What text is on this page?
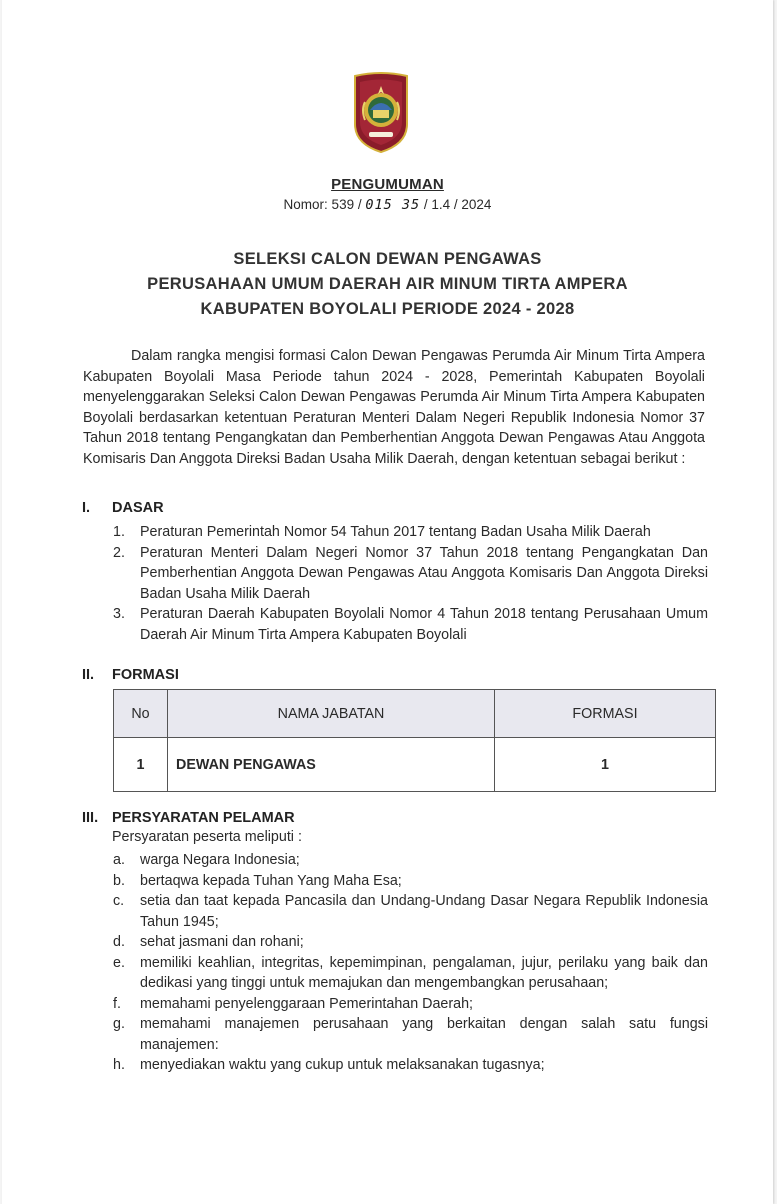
PENGUMUMAN
Nomor: 539 / 015 35 / 1.4 / 2024
SELEKSI CALON DEWAN PENGAWAS
PERUSAHAAN UMUM DAERAH AIR MINUM TIRTA AMPERA
KABUPATEN BOYOLALI PERIODE 2024 - 2028
Dalam rangka mengisi formasi Calon Dewan Pengawas Perumda Air Minum Tirta Ampera Kabupaten Boyolali Masa Periode tahun 2024 - 2028, Pemerintah Kabupaten Boyolali menyelenggarakan Seleksi Calon Dewan Pengawas Perumda Air Minum Tirta Ampera Kabupaten Boyolali berdasarkan ketentuan Peraturan Menteri Dalam Negeri Republik Indonesia Nomor 37 Tahun 2018 tentang Pengangkatan dan Pemberhentian Anggota Dewan Pengawas Atau Anggota Komisaris Dan Anggota Direksi Badan Usaha Milik Daerah, dengan ketentuan sebagai berikut :
I. DASAR
1. Peraturan Pemerintah Nomor 54 Tahun 2017 tentang Badan Usaha Milik Daerah
2. Peraturan Menteri Dalam Negeri Nomor 37 Tahun 2018 tentang Pengangkatan Dan Pemberhentian Anggota Dewan Pengawas Atau Anggota Komisaris Dan Anggota Direksi Badan Usaha Milik Daerah
3. Peraturan Daerah Kabupaten Boyolali Nomor 4 Tahun 2018 tentang Perusahaan Umum Daerah Air Minum Tirta Ampera Kabupaten Boyolali
II. FORMASI
No	NAMA JABATAN	FORMASI
1	DEWAN PENGAWAS	1
III. PERSYARATAN PELAMAR
Persyaratan peserta meliputi :
a. warga Negara Indonesia;
b. bertaqwa kepada Tuhan Yang Maha Esa;
c. setia dan taat kepada Pancasila dan Undang-Undang Dasar Negara Republik Indonesia Tahun 1945;
d. sehat jasmani dan rohani;
e. memiliki keahlian, integritas, kepemimpinan, pengalaman, jujur, perilaku yang baik dan dedikasi yang tinggi untuk memajukan dan mengembangkan perusahaan;
f. memahami penyelenggaraan Pemerintahan Daerah;
g. memahami manajemen perusahaan yang berkaitan dengan salah satu fungsi manajemen:
h. menyediakan waktu yang cukup untuk melaksanakan tugasnya;
